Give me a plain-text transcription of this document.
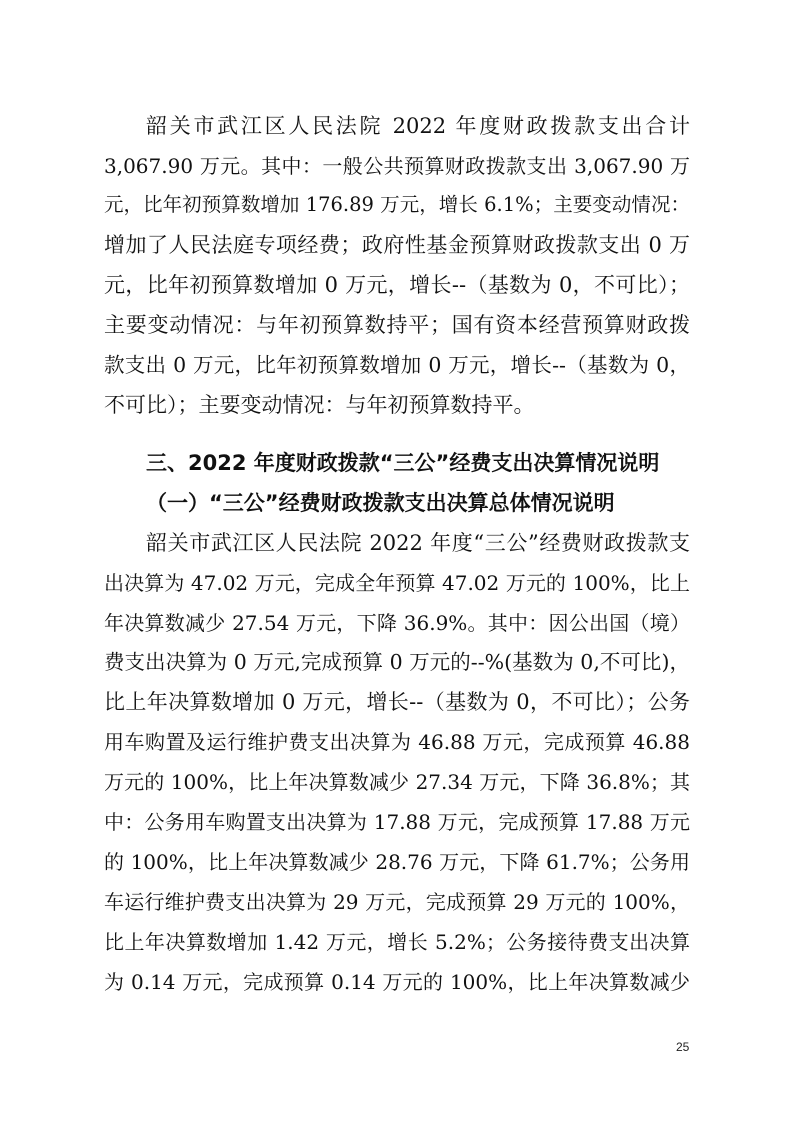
韶关市武江区人民法院 2022 年度财政拨款支出合计
3,067.90 万元。其中：一般公共预算财政拨款支出 3,067.90 万
元，比年初预算数增加 176.89 万元，增长 6.1%；主要变动情况：
增加了人民法庭专项经费；政府性基金预算财政拨款支出 0 万
元，比年初预算数增加 0 万元，增长--（基数为 0，不可比）；
主要变动情况：与年初预算数持平；国有资本经营预算财政拨
款支出 0 万元，比年初预算数增加 0 万元，增长--（基数为 0，
不可比）；主要变动情况：与年初预算数持平。
三、2022 年度财政拨款“三公”经费支出决算情况说明
（一）“三公”经费财政拨款支出决算总体情况说明
韶关市武江区人民法院 2022 年度“三公”经费财政拨款支
出决算为 47.02 万元，完成全年预算 47.02 万元的 100%，比上
年决算数减少 27.54 万元，下降 36.9%。其中：因公出国（境）
费支出决算为 0 万元,完成预算 0 万元的--%(基数为 0,不可比)，
比上年决算数增加 0 万元，增长--（基数为 0，不可比）；公务
用车购置及运行维护费支出决算为 46.88 万元，完成预算 46.88
万元的 100%，比上年决算数减少 27.34 万元，下降 36.8%；其
中：公务用车购置支出决算为 17.88 万元，完成预算 17.88 万元
的 100%，比上年决算数减少 28.76 万元，下降 61.7%；公务用
车运行维护费支出决算为 29 万元，完成预算 29 万元的 100%，
比上年决算数增加 1.42 万元，增长 5.2%；公务接待费支出决算
为 0.14 万元，完成预算 0.14 万元的 100%，比上年决算数减少
25
